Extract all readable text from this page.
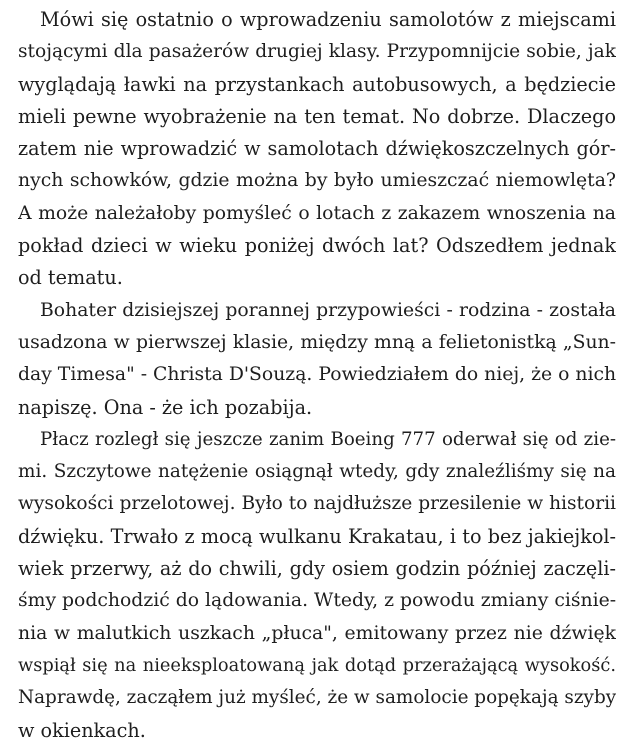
Mówi się ostatnio o wprowadzeniu samolotów z miejscami
stojącymi dla pasażerów drugiej klasy. Przypomnijcie sobie, jak
wyglądają ławki na przystankach autobusowych, a będziecie
mieli pewne wyobrażenie na ten temat. No dobrze. Dlaczego
zatem nie wprowadzić w samolotach dźwiękoszczelnych gór-
nych schowków, gdzie można by było umieszczać niemowlęta?
A może należałoby pomyśleć o lotach z zakazem wnoszenia na
pokład dzieci w wieku poniżej dwóch lat? Odszedłem jednak
od tematu.
Bohater dzisiejszej porannej przypowieści - rodzina - została
usadzona w pierwszej klasie, między mną a felietonistką „Sun-
day Timesa" - Christa D'Souzą. Powiedziałem do niej, że o nich
napiszę. Ona - że ich pozabija.
Płacz rozległ się jeszcze zanim Boeing 777 oderwał się od zie-
mi. Szczytowe natężenie osiągnął wtedy, gdy znaleźliśmy się na
wysokości przelotowej. Było to najdłuższe przesilenie w historii
dźwięku. Trwało z mocą wulkanu Krakatau, i to bez jakiejkol-
wiek przerwy, aż do chwili, gdy osiem godzin później zaczęli-
śmy podchodzić do lądowania. Wtedy, z powodu zmiany ciśnie-
nia w malutkich uszkach „płuca", emitowany przez nie dźwięk
wspiął się na nieeksploatowaną jak dotąd przerażającą wysokość.
Naprawdę, zacząłem już myśleć, że w samolocie popękają szyby
w okienkach.
